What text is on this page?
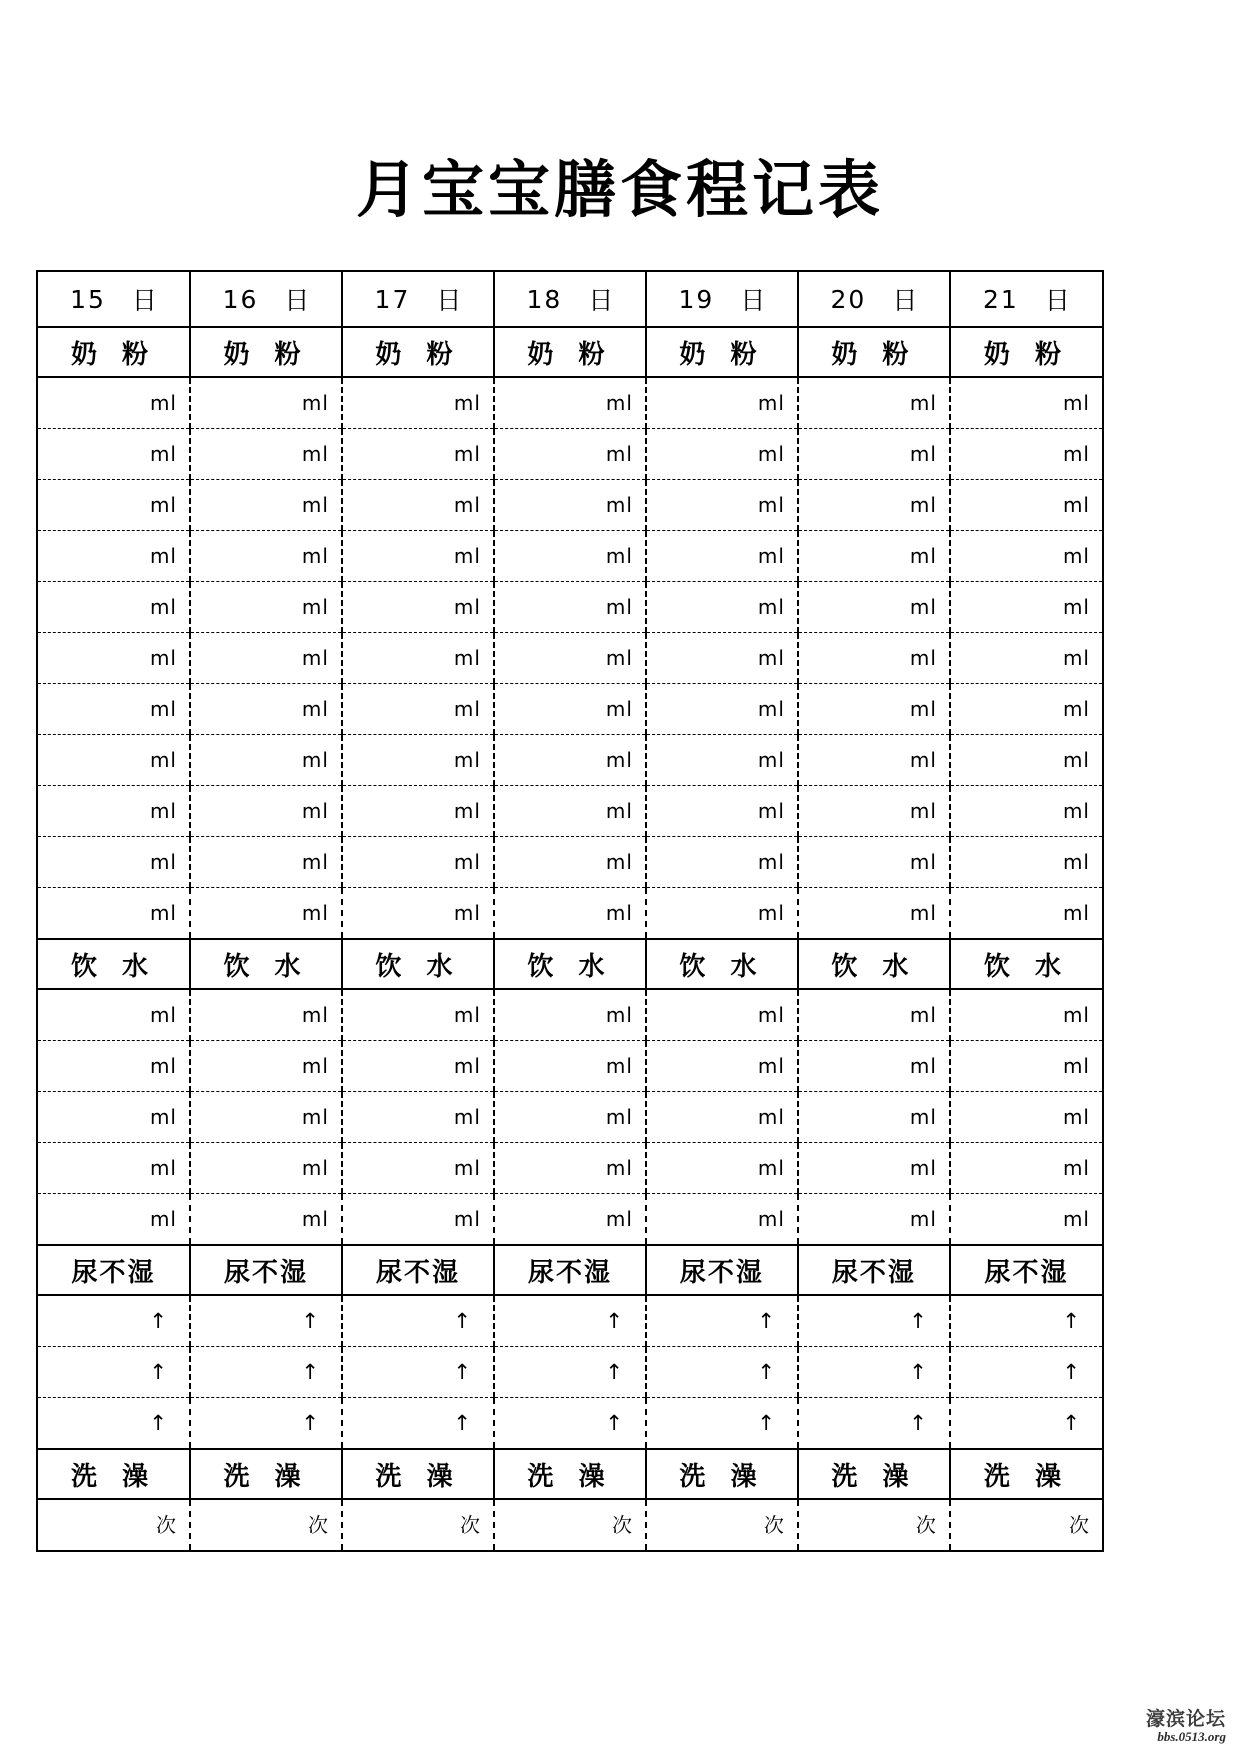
月宝宝膳食程记表
15 日	16 日	17 日	18 日	19 日	20 日	21 日

奶 粉	奶 粉	奶 粉	奶 粉	奶 粉	奶 粉	奶 粉

ml	ml	ml	ml	ml	ml	ml

ml	ml	ml	ml	ml	ml	ml

ml	ml	ml	ml	ml	ml	ml

ml	ml	ml	ml	ml	ml	ml

ml	ml	ml	ml	ml	ml	ml

ml	ml	ml	ml	ml	ml	ml

ml	ml	ml	ml	ml	ml	ml

ml	ml	ml	ml	ml	ml	ml

ml	ml	ml	ml	ml	ml	ml

ml	ml	ml	ml	ml	ml	ml

ml	ml	ml	ml	ml	ml	ml

饮 水	饮 水	饮 水	饮 水	饮 水	饮 水	饮 水

ml	ml	ml	ml	ml	ml	ml

ml	ml	ml	ml	ml	ml	ml

ml	ml	ml	ml	ml	ml	ml

ml	ml	ml	ml	ml	ml	ml

ml	ml	ml	ml	ml	ml	ml

尿不湿	尿不湿	尿不湿	尿不湿	尿不湿	尿不湿	尿不湿

↑	↑	↑	↑	↑	↑	↑

↑	↑	↑	↑	↑	↑	↑

↑	↑	↑	↑	↑	↑	↑

洗 澡	洗 澡	洗 澡	洗 澡	洗 澡	洗 澡	洗 澡

次	次	次	次	次	次	次
濠滨论坛
bbs.0513.org
